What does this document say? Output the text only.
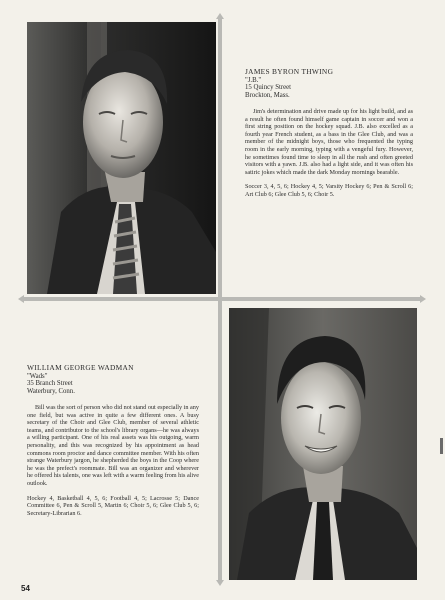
JAMES BYRON THWING
"J.B."
15 Quincy Street
Brockton, Mass.

Jim's determination and drive made up for his light build, and as a result he often found himself game captain in soccer and won a first string position on the hockey squad. J.B. also excelled as a fourth year French student, as a bass in the Glee Club, and was a member of the midnight boys, those who frequented the typing room in the early morning, typing with a vengeful fury. However, he sometimes found time to sleep in all the rush and often greeted visitors with a yawn. J.B. also had a light side, and it was often his satiric jokes which made the dark Monday mornings bearable.

Soccer 3, 4, 5, 6; Hockey 4, 5; Varsity Hockey 6; Pen & Scroll 6; Art Club 6; Glee Club 5, 6; Choir 5.
WILLIAM GEORGE WADMAN
"Wads"
35 Branch Street
Waterbury, Conn.

Bill was the sort of person who did not stand out especially in any one field, but was active in quite a few different ones. A busy secretary of the Choir and Glee Club, member of several athletic teams, and contributor to the school's library organs—he was always a willing participant. One of his real assets was his outgoing, warm personality, and this was recognized by his appointment as head commons room proctor and dance committee member. With his often strange Waterbury jargon, he shepherded the boys in the Coop where he was the prefect's roommate. Bill was an organizer and wherever he offered his talents, one was left with a warm feeling from his alive outlook.

Hockey 4, Basketball 4, 5, 6; Football 4, 5; Lacrosse 5; Dance Committee 6, Pen & Scroll 5, Martin 6; Choir 5, 6; Glee Club 5, 6; Secretary-Librarian 6.
54
